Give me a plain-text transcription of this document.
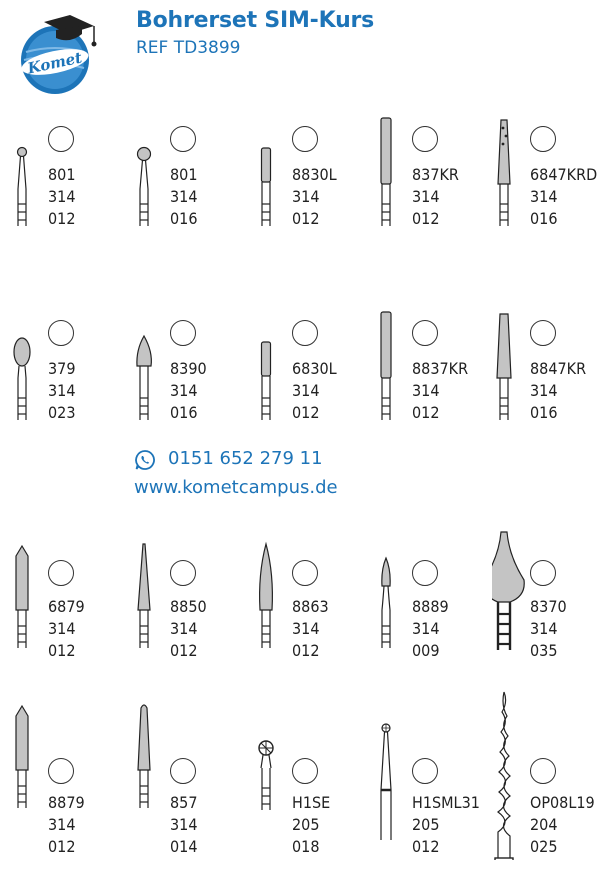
Komet
Bohrerset SIM-Kurs
REF TD3899
801
314
012
801
314
016
8830L
314
012
837KR
314
012
6847KRD
314
016
379
314
023
8390
314
016
6830L
314
012
8837KR
314
012
8847KR
314
016
6879
314
012
8850
314
012
8863
314
012
8889
314
009
8370
314
035
8879
314
012
857
314
014
H1SE
205
018
H1SML31
205
012
OP08L19
204
025
0151 652 279 11
www.kometcampus.de
